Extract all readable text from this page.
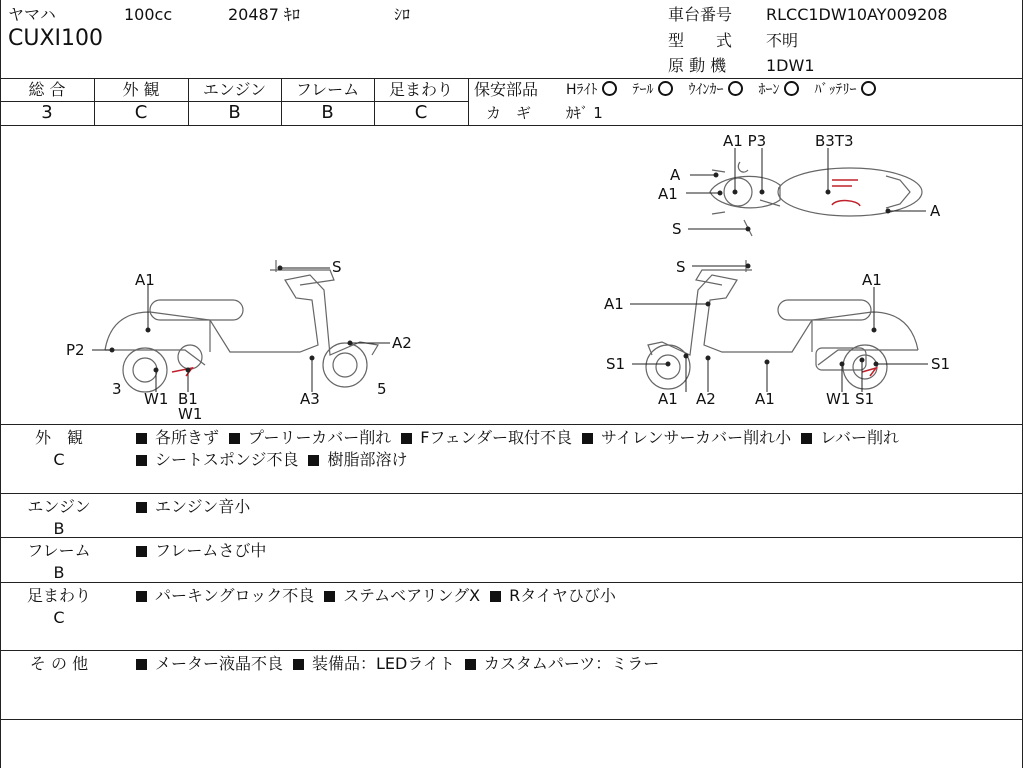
ヤマハ	100cc	20487 ｷﾛ	ｼﾛ
CUXI100
車台番号 RLCC1DW10AY009208
型　　式 不明
原 動 機 1DW1
総 合	外 観	エンジン	フレーム	足まわり
3	C	B	B	C
保安部品 Hﾗｲﾄ	ﾃｰﾙ	ｳｲﾝｶｰ	ﾎｰﾝ	ﾊﾞｯﾃﾘｰ
カ　ギ ｶｷﾞ 1
A1
S
P2	A2
3	5
W1 B1
W1
A3
A1 P3	B3T3
A
A1
A
S
S
A1
A1
S1	S1
A1 A2	A1	W1 S1
外　観
C
各所きず プーリーカバー削れ Fフェンダー取付不良 サイレンサーカバー削れ小 レバー削れ
シートスポンジ不良 樹脂部溶け
エンジン
B
エンジン音小
フレーム
B
フレームさび中
足まわり
C
パーキングロック不良 ステムベアリングX Rタイヤひび小
そ の 他	メーター液晶不良 装備品：LEDライト カスタムパーツ：ミラー
